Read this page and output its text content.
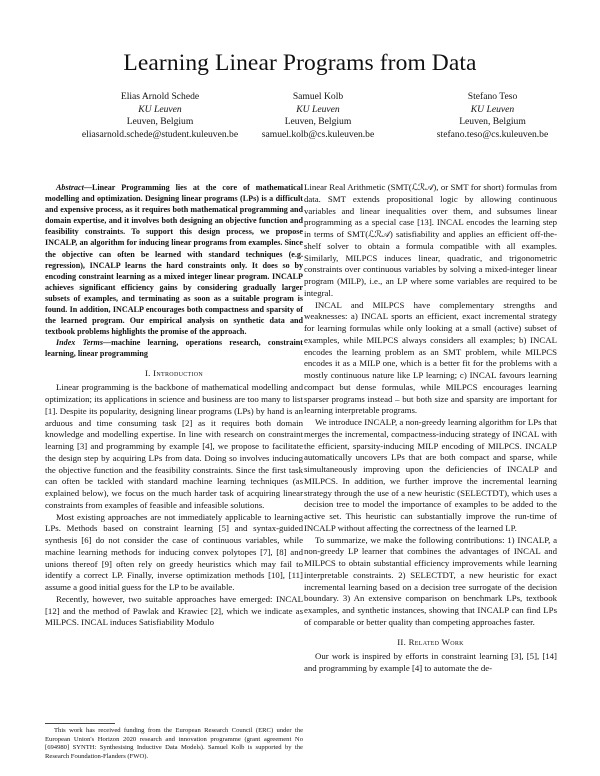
Learning Linear Programs from Data
Elias Arnold Schede
KU Leuven
Leuven, Belgium
eliasarnold.schede@student.kuleuven.be
Samuel Kolb
KU Leuven
Leuven, Belgium
samuel.kolb@cs.kuleuven.be
Stefano Teso
KU Leuven
Leuven, Belgium
stefano.teso@cs.kuleuven.be

Abstract—Linear Programming lies at the core of mathematical modelling and optimization. Designing linear programs (LPs) is a difficult and expensive process, as it requires both mathematical programming and domain expertise, and it involves both designing an objective function and feasibility constraints. To support this design process, we propose INCALP, an algorithm for inducing linear programs from examples. Since the objective can often be learned with standard techniques (e.g. regression), INCALP learns the hard constraints only. It does so by encoding constraint learning as a mixed integer linear program. INCALP achieves significant efficiency gains by considering gradually larger subsets of examples, and terminating as soon as a suitable program is found. In addition, INCALP encourages both compactness and sparsity of the learned program. Our empirical analysis on synthetic data and textbook problems highlights the promise of the approach.

Index Terms—machine learning, operations research, constraint learning, linear programming

I. Introduction

Linear programming is the backbone of mathematical modelling and optimization; its applications in science and business are too many to list [1]. Despite its popularity, designing linear programs (LPs) by hand is an arduous and time consuming task [2] as it requires both domain knowledge and modelling expertise. In line with research on constraint learning [3] and programming by example [4], we propose to facilitate the design step by acquiring LPs from data. Doing so involves inducing the objective function and the feasibility constraints. Since the first task can often be tackled with standard machine learning techniques (as explained below), we focus on the much harder task of acquiring linear constraints from examples of feasible and infeasible solutions.

Most existing approaches are not immediately applicable to learning LPs. Methods based on constraint learning [5] and syntax-guided synthesis [6] do not consider the case of continuous variables, while machine learning methods for inducing convex polytopes [7], [8] and unions thereof [9] often rely on greedy heuristics which may fail to identify a correct LP. Finally, inverse optimization methods [10], [11] assume a good initial guess for the LP to be available.

Recently, however, two suitable approaches have emerged: INCAL [12] and the method of Pawlak and Krawiec [2], which we indicate as MILPCS. INCAL induces Satisfiability Modulo

This work has received funding from the European Research Council (ERC) under the European Union's Horizon 2020 research and innovation programme (grant agreement No [694980] SYNTH: Synthesising Inductive Data Models). Samuel Kolb is supported by the Research Foundation-Flanders (FWO).

Linear Real Arithmetic (SMT(ℒℛ𝒜), or SMT for short) formulas from data. SMT extends propositional logic by allowing continuous variables and linear inequalities over them, and subsumes linear programming as a special case [13]. INCAL encodes the learning step in terms of SMT(ℒℛ𝒜) satisfiability and applies an efficient off-the-shelf solver to obtain a formula compatible with all examples. Similarly, MILPCS induces linear, quadratic, and trigonometric constraints over continuous variables by solving a mixed-integer linear program (MILP), i.e., an LP where some variables are required to be integral.

INCAL and MILPCS have complementary strengths and weaknesses: a) INCAL sports an efficient, exact incremental strategy for learning formulas while only looking at a small (active) subset of examples, while MILPCS always considers all examples; b) INCAL encodes the learning problem as an SMT problem, while MILPCS encodes it as a MILP one, which is a better fit for the problems with a mostly continuous nature like LP learning; c) INCAL favours learning compact but dense formulas, while MILPCS encourages learning sparser programs instead – but both size and sparsity are important for learning interpretable programs.

We introduce INCALP, a non-greedy learning algorithm for LPs that merges the incremental, compactness-inducing strategy of INCAL with the efficient, sparsity-inducing MILP encoding of MILPCS. INCALP automatically uncovers LPs that are both compact and sparse, while simultaneously improving upon the deficiencies of INCALP and MILPCS. In addition, we further improve the incremental learning strategy through the use of a new heuristic (SELECTDT), which uses a decision tree to model the importance of examples to be added to the active set. This heuristic can substantially improve the run-time of INCALP without affecting the correctness of the learned LP.

To summarize, we make the following contributions: 1) INCALP, a non-greedy LP learner that combines the advantages of INCAL and MILPCS to obtain substantial efficiency improvements while learning interpretable constraints. 2) SELECTDT, a new heuristic for exact incremental learning based on a decision tree surrogate of the decision boundary. 3) An extensive comparison on benchmark LPs, textbook examples, and synthetic instances, showing that INCALP can find LPs of comparable or better quality than competing approaches faster.

II. Related Work

Our work is inspired by efforts in constraint learning [3], [5], [14] and programming by example [4] to automate the de-
